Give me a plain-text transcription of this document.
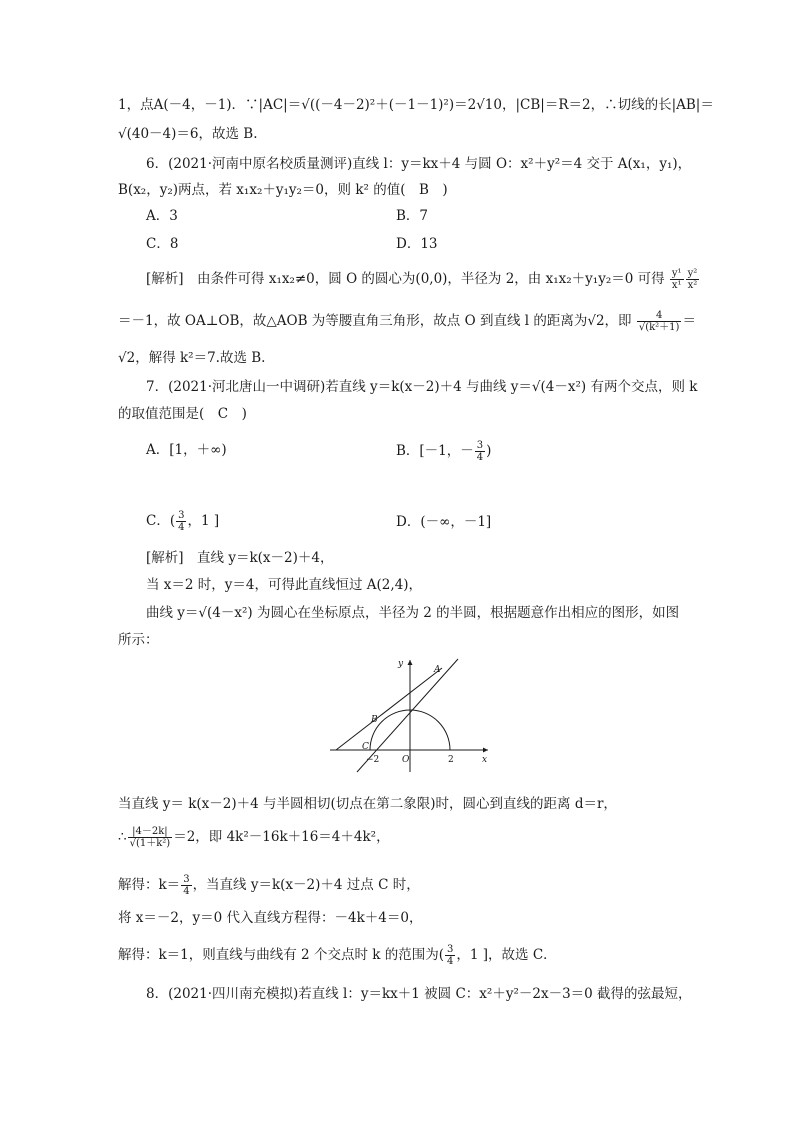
1，点A(－4，－1)．∵|AC|＝√((－4－2)²＋(－1－1)²)＝2√10，|CB|＝R＝2，∴切线的长|AB|＝
√(40－4)＝6，故选 B.
6．(2021·河南中原名校质量测评)直线 l：y＝kx＋4 与圆 O：x²＋y²＝4 交于 A(x₁，y₁)，
B(x₂，y₂)两点，若 x₁x₂＋y₁y₂＝0，则 k² 的值(　B　)
A．3	B．7
C．8	D．13
[解析]　由条件可得 x₁x₂≠0，圆 O 的圆心为(0,0)，半径为 2，由 x₁x₂＋y₁y₂＝0 可得 $\frac{\text{y¹}}{\text{x¹}} \frac{\text{y²}}{\text{x²}}$
＝－1，故 OA⊥OB，故△AOB 为等腰直角三角形，故点 O 到直线 l 的距离为√2，即 $\frac{4}{\text{√(k²＋1)}}$ ＝
√2，解得 k²＝7.故选 B.
7．(2021·河北唐山一中调研)若直线 y＝k(x－2)＋4 与曲线 y＝√(4－x²) 有两个交点，则 k
的取值范围是(　C　)
A．[1，＋∞)	B．[－1，－ $\frac{3}{4}$ )
C．( $\frac{3}{4}$ ，1 ]	D．(－∞，－1]
[解析]　直线 y＝k(x－2)＋4，
当 x＝2 时，y＝4，可得此直线恒过 A(2,4)，
曲线 y＝√(4－x²) 为圆心在坐标原点，半径为 2 的半圆，根据题意作出相应的图形，如图
所示：
y
x
O
A
B
C
−2	2
当直线 y＝ k(x－2)＋4 与半圆相切(切点在第二象限)时，圆心到直线的距离 d＝r，
∴ $\frac{|4-2k|}{\text{√(1＋k²)}} =2$，即 4k²－16k＋16＝4＋4k²，
解得：$k= \frac{3}{4}$ ，当直线 y＝k(x－2)＋4 过点 C 时，
将 x＝－2，y＝0 代入直线方程得：－4k＋4＝0，
解得：k＝1，则直线与曲线有 2 个交点时 k 的范围为( $\frac{3}{4}$ ，1 ]，故选 C．
8．(2021·四川南充模拟)若直线 l：y＝kx＋1 被圆 C：x²＋y²－2x－3＝0 截得的弦最短，
